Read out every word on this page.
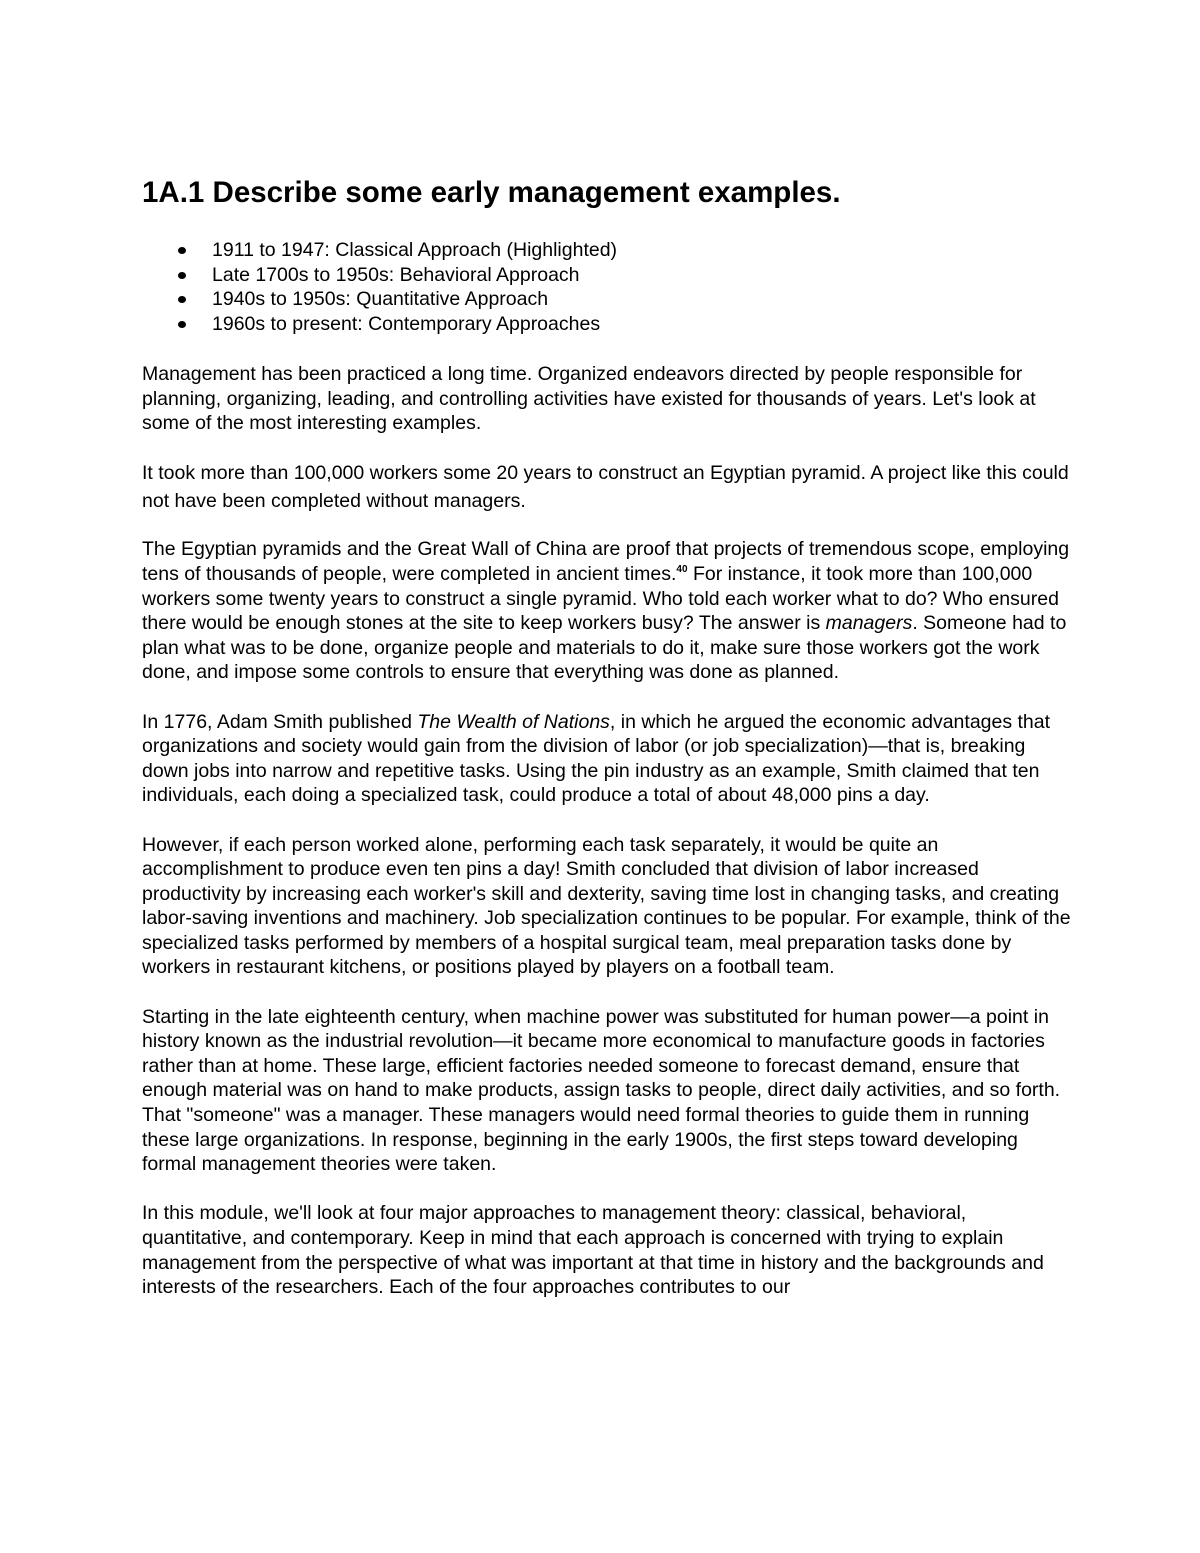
1A.1 Describe some early management examples.
1911 to 1947: Classical Approach (Highlighted)
Late 1700s to 1950s: Behavioral Approach
1940s to 1950s: Quantitative Approach
1960s to present: Contemporary Approaches

Management has been practiced a long time. Organized endeavors directed by people responsible for planning, organizing, leading, and controlling activities have existed for thousands of years. Let's look at some of the most interesting examples.

It took more than 100,000 workers some 20 years to construct an Egyptian pyramid. A project like this could not have been completed without managers.

The Egyptian pyramids and the Great Wall of China are proof that projects of tremendous scope, employing tens of thousands of people, were completed in ancient times.$^{40}$ For instance, it took more than 100,000 workers some twenty years to construct a single pyramid. Who told each worker what to do? Who ensured there would be enough stones at the site to keep workers busy? The answer is managers. Someone had to plan what was to be done, organize people and materials to do it, make sure those workers got the work done, and impose some controls to ensure that everything was done as planned.

In 1776, Adam Smith published The Wealth of Nations, in which he argued the economic advantages that organizations and society would gain from the division of labor (or job specialization)—that is, breaking down jobs into narrow and repetitive tasks. Using the pin industry as an example, Smith claimed that ten individuals, each doing a specialized task, could produce a total of about 48,000 pins a day.

However, if each person worked alone, performing each task separately, it would be quite an accomplishment to produce even ten pins a day! Smith concluded that division of labor increased productivity by increasing each worker's skill and dexterity, saving time lost in changing tasks, and creating labor-saving inventions and machinery. Job specialization continues to be popular. For example, think of the specialized tasks performed by members of a hospital surgical team, meal preparation tasks done by workers in restaurant kitchens, or positions played by players on a football team.

Starting in the late eighteenth century, when machine power was substituted for human power—a point in history known as the industrial revolution—it became more economical to manufacture goods in factories rather than at home. These large, efficient factories needed someone to forecast demand, ensure that enough material was on hand to make products, assign tasks to people, direct daily activities, and so forth. That "someone" was a manager. These managers would need formal theories to guide them in running these large organizations. In response, beginning in the early 1900s, the first steps toward developing formal management theories were taken.

In this module, we'll look at four major approaches to management theory: classical, behavioral, quantitative, and contemporary. Keep in mind that each approach is concerned with trying to explain management from the perspective of what was important at that time in history and the backgrounds and interests of the researchers. Each of the four approaches contributes to our
